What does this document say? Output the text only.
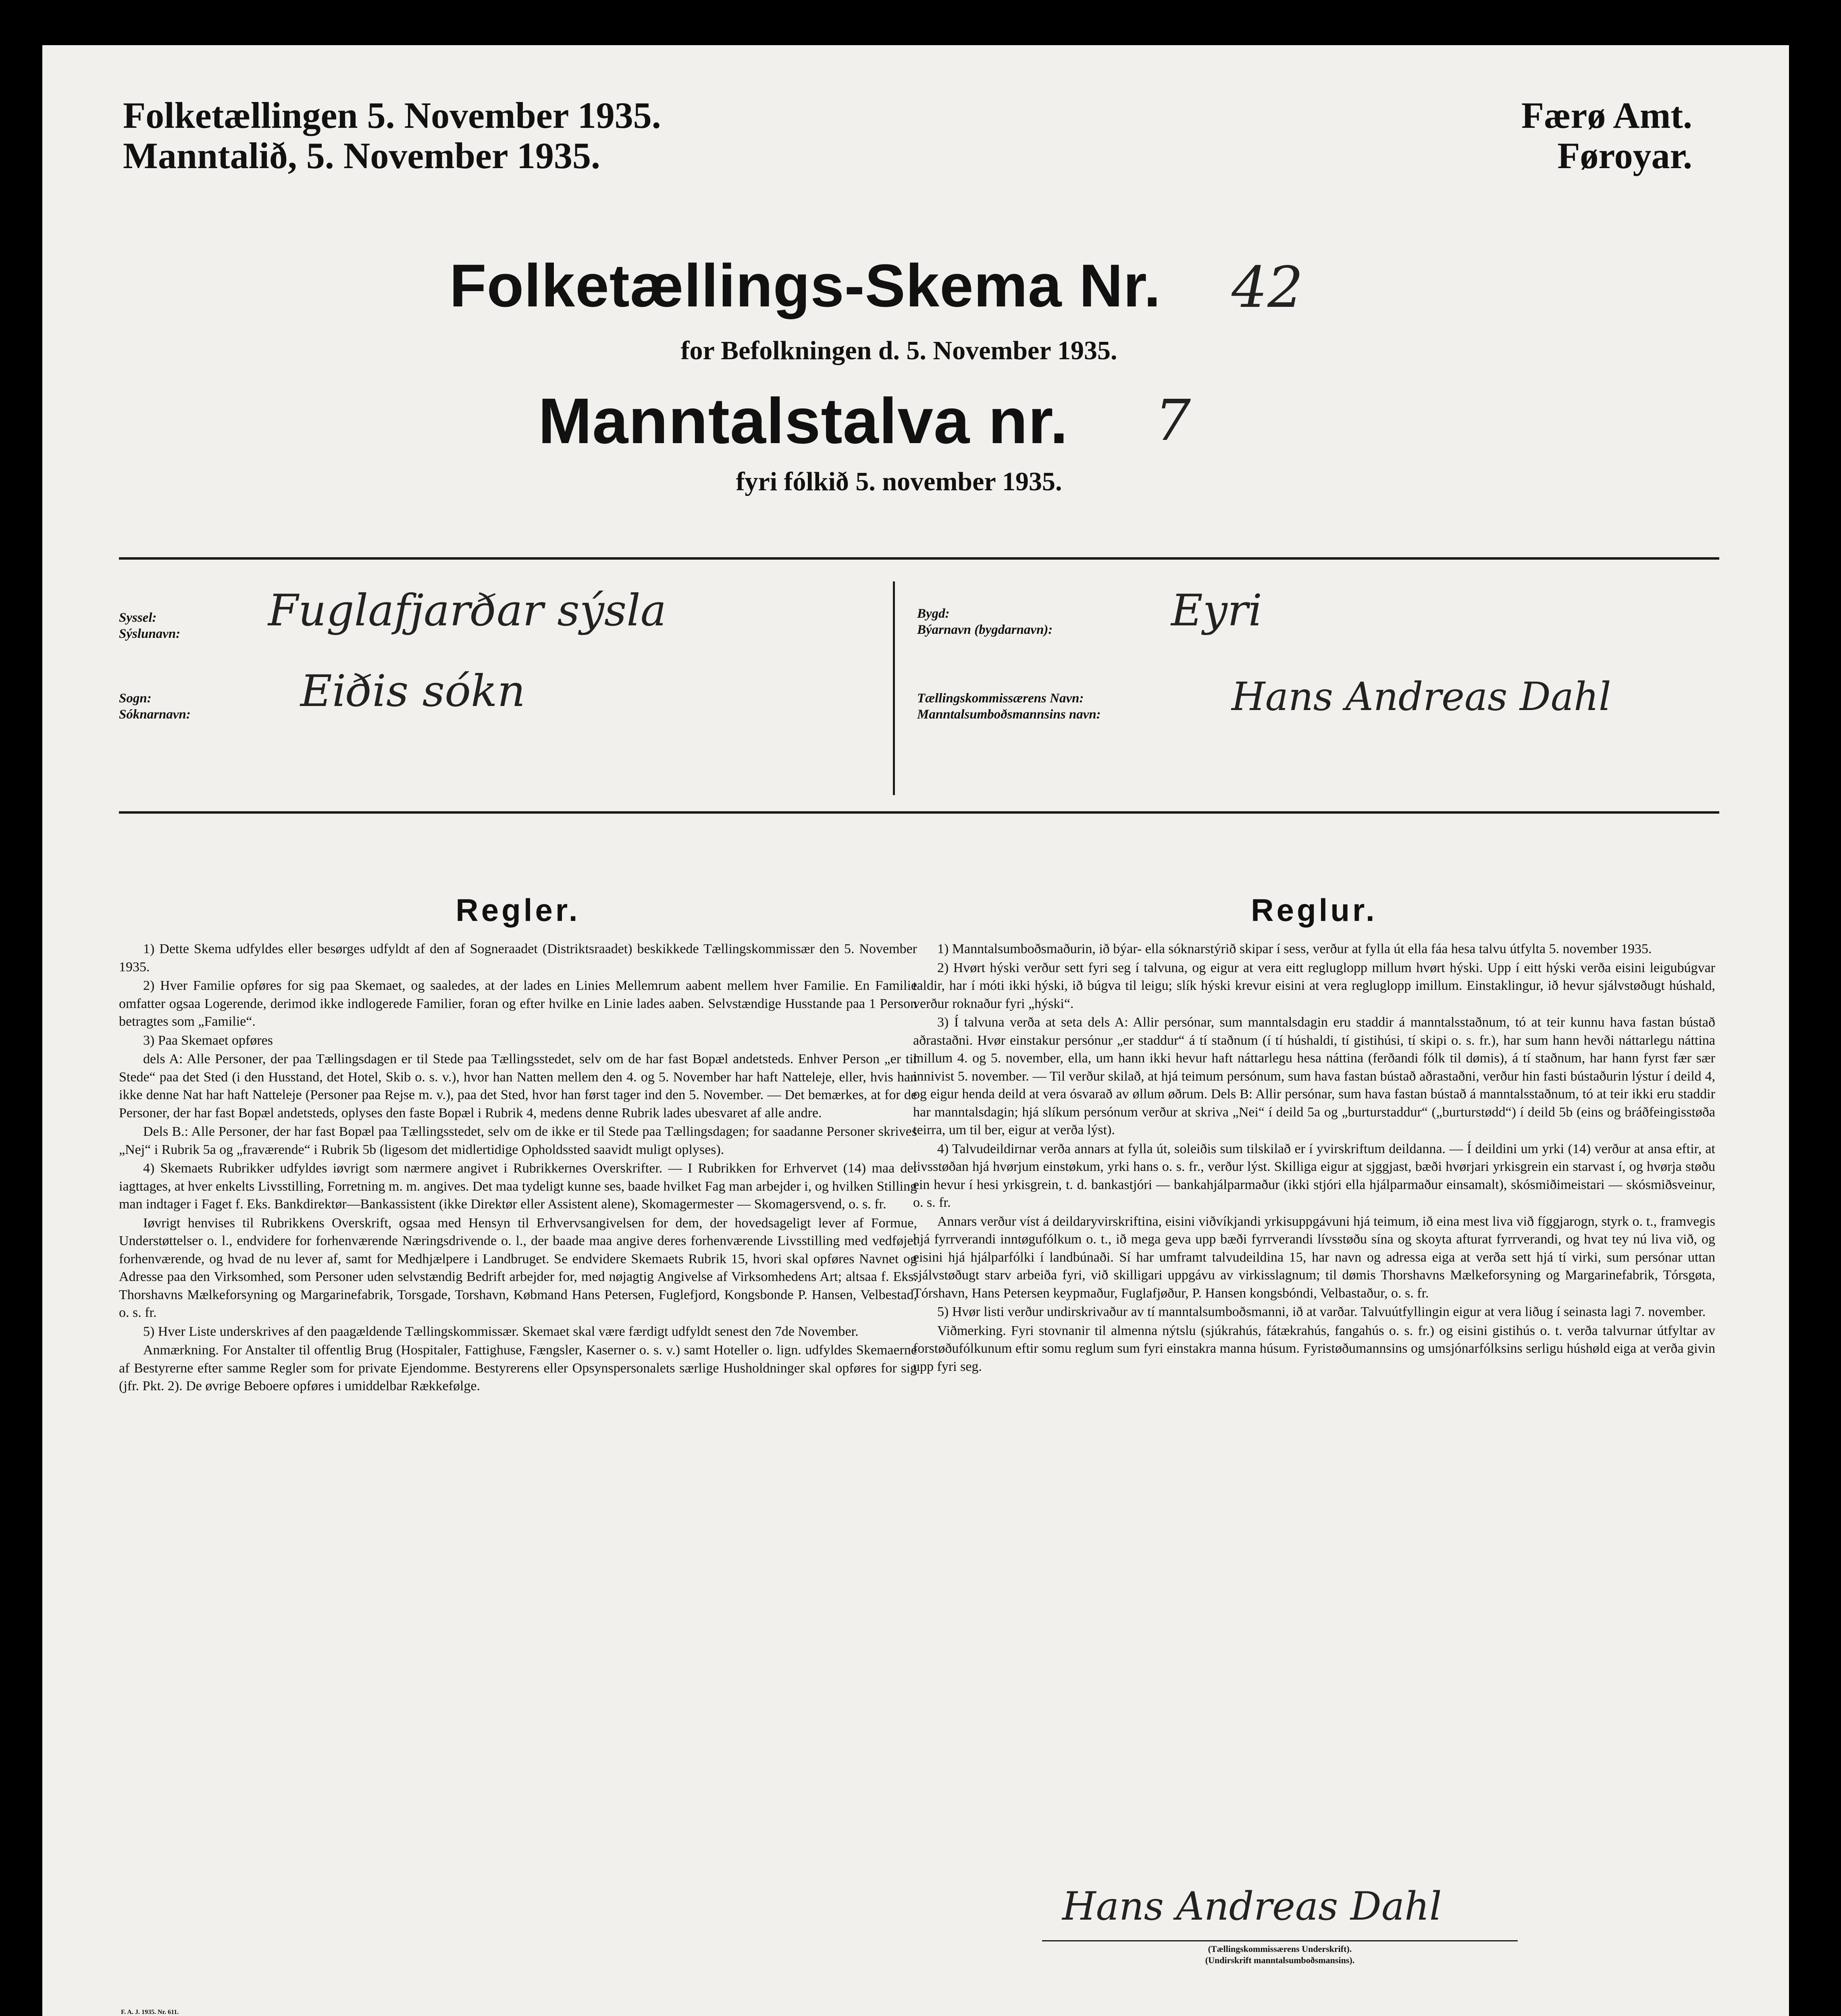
Folketællingen 5. November 1935.
Manntalið, 5. November 1935.
Færø Amt.
Føroyar.
Folketællings-Skema Nr. 42
for Befolkningen d. 5. November 1935.
Manntalstalva nr. 7
fyri fólkið 5. november 1935.
Syssel:
Sýslunavn: Fuglafjarðar sýsla
Sogn:
Sóknarnavn:	Eiðis sókn
Bygd:
Býarnavn (bygdarnavn):	Eyri
Tællingskommissærens Navn:
Manntalsumboðsmannsins navn:	Hans Andreas Dahl
Regler.

1) Dette Skema udfyldes eller besørges udfyldt af den af Sogneraadet (Distriktsraadet) beskikkede Tællingskommissær den 5. November 1935.

2) Hver Familie opføres for sig paa Skemaet, og saaledes, at der lades en Linies Mellemrum aabent mellem hver Familie. En Familie omfatter ogsaa Logerende, derimod ikke indlogerede Familier, foran og efter hvilke en Linie lades aaben. Selvstændige Husstande paa 1 Person betragtes som „Familie“.

3) Paa Skemaet opføres

dels A: Alle Personer, der paa Tællingsdagen er til Stede paa Tællingsstedet, selv om de har fast Bopæl andetsteds. Enhver Person „er til Stede“ paa det Sted (i den Husstand, det Hotel, Skib o. s. v.), hvor han Natten mellem den 4. og 5. November har haft Natteleje, eller, hvis han ikke denne Nat har haft Natteleje (Personer paa Rejse m. v.), paa det Sted, hvor han først tager ind den 5. November. — Det bemærkes, at for de Personer, der har fast Bopæl andetsteds, oplyses den faste Bopæl i Rubrik 4, medens denne Rubrik lades ubesvaret af alle andre.

Dels B.: Alle Personer, der har fast Bopæl paa Tællingsstedet, selv om de ikke er til Stede paa Tællingsdagen; for saadanne Personer skrives „Nej“ i Rubrik 5a og „fraværende“ i Rubrik 5b (ligesom det midlertidige Opholdssted saavidt muligt oplyses).

4) Skemaets Rubrikker udfyldes iøvrigt som nærmere angivet i Rubrikkernes Overskrifter. — I Rubrikken for Erhvervet (14) maa det iagttages, at hver enkelts Livsstilling, Forretning m. m. angives. Det maa tydeligt kunne ses, baade hvilket Fag man arbejder i, og hvilken Stilling man indtager i Faget f. Eks. Bankdirektør—Bankassistent (ikke Direktør eller Assistent alene), Skomagermester — Skomagersvend, o. s. fr.

Iøvrigt henvises til Rubrikkens Overskrift, ogsaa med Hensyn til Erhvervsangivelsen for dem, der hovedsageligt lever af Formue, Understøttelser o. l., endvidere for forhenværende Næringsdrivende o. l., der baade maa angive deres forhenværende Livsstilling med vedføjet forhenværende, og hvad de nu lever af, samt for Medhjælpere i Landbruget. Se endvidere Skemaets Rubrik 15, hvori skal opføres Navnet og Adresse paa den Virksomhed, som Personer uden selvstændig Bedrift arbejder for, med nøjagtig Angivelse af Virksomhedens Art; altsaa f. Eks. Thorshavns Mælkeforsyning og Margarinefabrik, Torsgade, Torshavn, Købmand Hans Petersen, Fuglefjord, Kongsbonde P. Hansen, Velbestad, o. s. fr.

5) Hver Liste underskrives af den paagældende Tællingskommissær. Skemaet skal være færdigt udfyldt senest den 7de November.

Anmærkning. For Anstalter til offentlig Brug (Hospitaler, Fattighuse, Fængsler, Kaserner o. s. v.) samt Hoteller o. lign. udfyldes Skemaerne af Bestyrerne efter samme Regler som for private Ejendomme. Bestyrerens eller Opsynspersonalets særlige Husholdninger skal opføres for sig (jfr. Pkt. 2). De øvrige Beboere opføres i umiddelbar Rækkefølge.

Reglur.

1) Manntalsumboðsmaðurin, ið býar- ella sóknarstýrið skipar í sess, verður at fylla út ella fáa hesa talvu útfylta 5. november 1935.

2) Hvørt hýski verður sett fyri seg í talvuna, og eigur at vera eitt regluglopp millum hvørt hýski. Upp í eitt hýski verða eisini leigubúgvar taldir, har í móti ikki hýski, ið búgva til leigu; slík hýski krevur eisini at vera regluglopp imillum. Einstaklingur, ið hevur sjálvstøðugt húshald, verður roknaður fyri „hýski“.

3) Í talvuna verða at seta dels A: Allir persónar, sum manntalsdagin eru staddir á manntalsstaðnum, tó at teir kunnu hava fastan bústað aðrastaðni. Hvør einstakur persónur „er staddur“ á tí staðnum (í tí húshaldi, tí gistihúsi, tí skipi o. s. fr.), har sum hann hevði náttarlegu náttina millum 4. og 5. november, ella, um hann ikki hevur haft náttarlegu hesa náttina (ferðandi fólk til dømis), á tí staðnum, har hann fyrst fær sær innivist 5. november. — Til verður skilað, at hjá teimum persónum, sum hava fastan bústað aðrastaðni, verður hin fasti bústaðurin lýstur í deild 4, og eigur henda deild at vera ósvarað av øllum øðrum. Dels B: Allir persónar, sum hava fastan bústað á manntalsstaðnum, tó at teir ikki eru staddir har manntalsdagin; hjá slíkum persónum verður at skriva „Nei“ í deild 5a og „burturstaddur“ („burturstødd“) í deild 5b (eins og bráðfeingisstøða teirra, um til ber, eigur at verða lýst).

4) Talvudeildirnar verða annars at fylla út, soleiðis sum tilskilað er í yvirskriftum deildanna. — Í deildini um yrki (14) verður at ansa eftir, at livsstøðan hjá hvørjum einstøkum, yrki hans o. s. fr., verður lýst. Skilliga eigur at sjggjast, bæði hvørjari yrkisgrein ein starvast í, og hvørja støðu ein hevur í hesi yrkisgrein, t. d. bankastjóri — bankahjálparmaður (ikki stjóri ella hjálparmaður einsamalt), skósmiðimeistari — skósmiðsveinur, o. s. fr.

Annars verður víst á deildaryvirskriftina, eisini viðvíkjandi yrkisuppgávuni hjá teimum, ið eina mest liva við fíggjarogn, styrk o. t., framvegis hjá fyrrverandi inntøgufólkum o. t., ið mega geva upp bæði fyrrverandi lívsstøðu sína og skoyta afturat fyrrverandi, og hvat tey nú liva við, og eisini hjá hjálparfólki í landbúnaði. Sí har umframt talvudeildina 15, har navn og adressa eiga at verða sett hjá tí virki, sum persónar uttan sjálvstøðugt starv arbeiða fyri, við skilligari uppgávu av virkisslagnum; til dømis Thorshavns Mælkeforsyning og Margarinefabrik, Tórsgøta, Tórshavn, Hans Petersen keypmaður, Fuglafjøður, P. Hansen kongsbóndi, Velbastaður, o. s. fr.

5) Hvør listi verður undirskrivaður av tí manntalsumboðsmanni, ið at varðar. Talvuútfyllingin eigur at vera liðug í seinasta lagi 7. november.

Viðmerking. Fyri stovnanir til almenna nýtslu (sjúkrahús, fátækrahús, fangahús o. s. fr.) og eisini gistihús o. t. verða talvurnar útfyltar av forstøðufólkunum eftir somu reglum sum fyri einstakra manna húsum. Fyristøðumannsins og umsjónarfólksins serligu húshøld eiga at verða givin upp fyri seg.

Hans Andreas Dahl
(Tællingskommissærens Underskrift).
(Undirskrift manntalsumboðsmansins).
F. A. J. 1935. Nr. 611.
